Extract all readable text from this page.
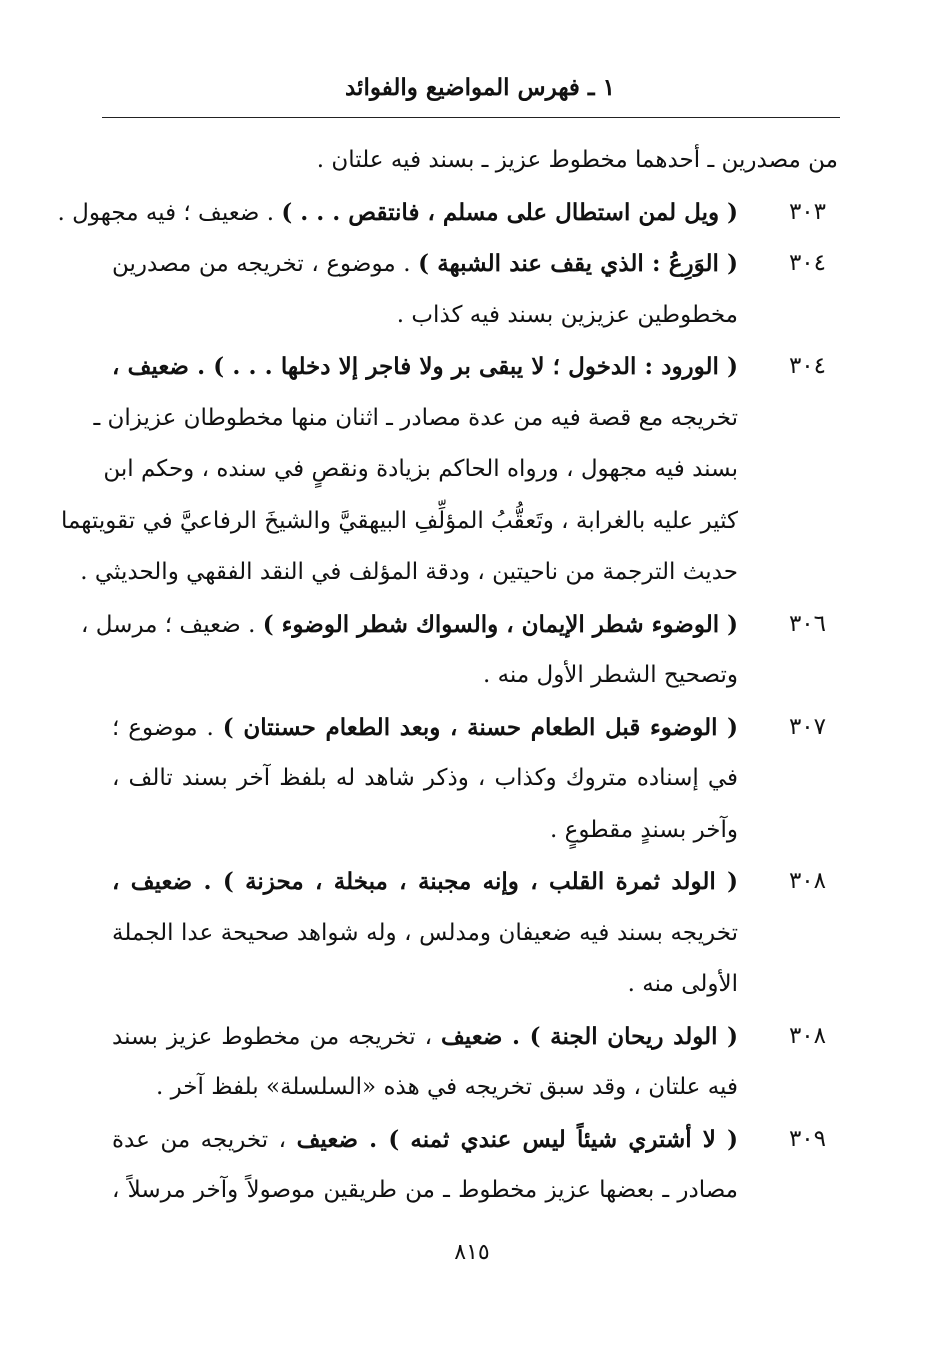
١ ـ فهرس المواضيع والفوائد
من مصدرين ـ أحدهما مخطوط عزيز ـ بسند فيه علتان .
٣٠٣
( ويل لمن استطال على مسلم ، فانتقص . . . ) . ضعيف ؛ فيه مجهول .
٣٠٤
( الوَرِعُ : الذي يقف عند الشبهة ) . موضوع ، تخريجه من مصدرين
مخطوطين عزيزين بسند فيه كذاب .
٣٠٤
( الورود : الدخول ؛ لا يبقى بر ولا فاجر إلا دخلها . . . ) . ضعيف ،
تخريجه مع قصة فيه من عدة مصادر ـ اثنان منها مخطوطان عزيزان ـ
بسند فيه مجهول ، ورواه الحاكم بزيادة ونقصٍ في سنده ، وحكم ابن
كثير عليه بالغرابة ، وتَعقُّبُ المؤلِّفِ البيهقيَّ والشيخَ الرفاعيَّ في تقويتهما
حديث الترجمة من ناحيتين ، ودقة المؤلف في النقد الفقهي والحديثي .
٣٠٦
( الوضوء شطر الإيمان ، والسواك شطر الوضوء ) . ضعيف ؛ مرسل ،
وتصحيح الشطر الأول منه .
٣٠٧
( الوضوء قبل الطعام حسنة ، وبعد الطعام حسنتان ) . موضوع ؛
في إسناده متروك وكذاب ، وذكر شاهد له بلفظ آخر بسند تالف ،
وآخر بسندٍ مقطوعٍ .
٣٠٨
( الولد ثمرة القلب ، وإنه مجبنة ، مبخلة ، محزنة ) . ضعيف ،
تخريجه بسند فيه ضعيفان ومدلس ، وله شواهد صحيحة عدا الجملة
الأولى منه .
٣٠٨
( الولد ريحان الجنة ) . ضعيف ، تخريجه من مخطوط عزيز بسند
فيه علتان ، وقد سبق تخريجه في هذه «السلسلة» بلفظ آخر .
٣٠٩
( لا أشتري شيئاً ليس عندي ثمنه ) . ضعيف ، تخريجه من عدة
مصادر ـ بعضها عزيز مخطوط ـ من طريقين موصولاً وآخر مرسلاً ،
٨١٥
